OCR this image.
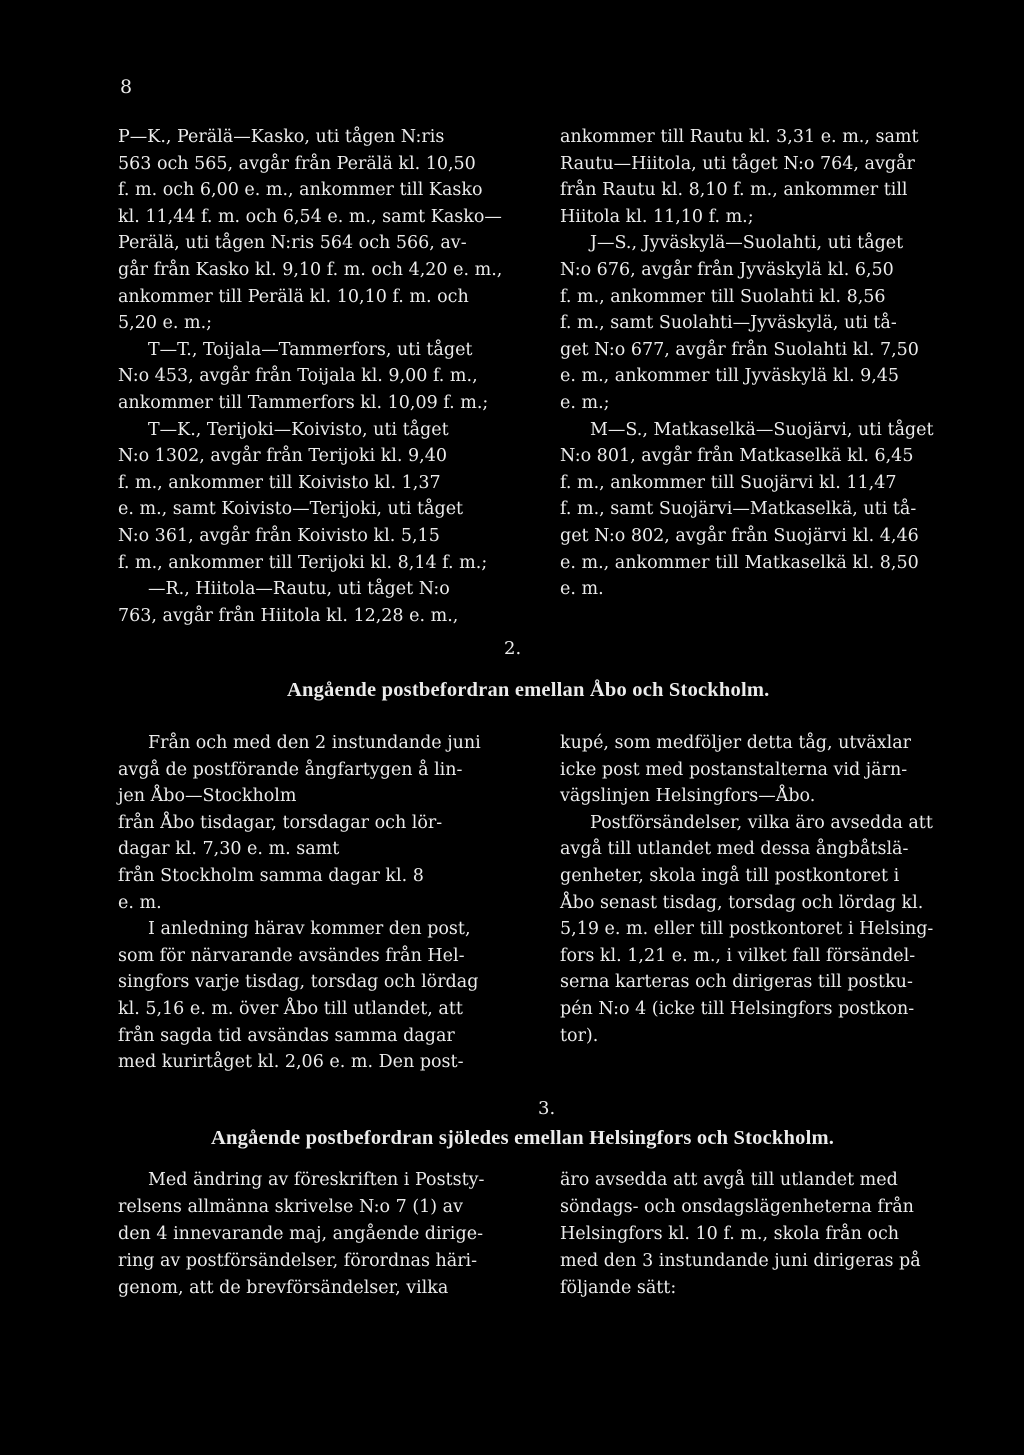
8
P—K., Perälä—Kasko, uti tågen N:ris
563 och 565, avgår från Perälä kl. 10,50
f. m. och 6,00 e. m., ankommer till Kasko
kl. 11,44 f. m. och 6,54 e. m., samt Kasko—
Perälä, uti tågen N:ris 564 och 566, av-
går från Kasko kl. 9,10 f. m. och 4,20 e. m.,
ankommer till Perälä kl. 10,10 f. m. och
5,20 e. m.;
T—T., Toijala—Tammerfors, uti tåget
N:o 453, avgår från Toijala kl. 9,00 f. m.,
ankommer till Tammerfors kl. 10,09 f. m.;
T—K., Terijoki—Koivisto, uti tåget
N:o 1302, avgår från Terijoki kl. 9,40
f. m., ankommer till Koivisto kl. 1,37
e. m., samt Koivisto—Terijoki, uti tåget
N:o 361, avgår från Koivisto kl. 5,15
f. m., ankommer till Terijoki kl. 8,14 f. m.;
—R., Hiitola—Rautu, uti tåget N:o
763, avgår från Hiitola kl. 12,28 e. m.,
ankommer till Rautu kl. 3,31 e. m., samt
Rautu—Hiitola, uti tåget N:o 764, avgår
från Rautu kl. 8,10 f. m., ankommer till
Hiitola kl. 11,10 f. m.;
J—S., Jyväskylä—Suolahti, uti tåget
N:o 676, avgår från Jyväskylä kl. 6,50
f. m., ankommer till Suolahti kl. 8,56
f. m., samt Suolahti—Jyväskylä, uti tå-
get N:o 677, avgår från Suolahti kl. 7,50
e. m., ankommer till Jyväskylä kl. 9,45
e. m.;
M—S., Matkaselkä—Suojärvi, uti tåget
N:o 801, avgår från Matkaselkä kl. 6,45
f. m., ankommer till Suojärvi kl. 11,47
f. m., samt Suojärvi—Matkaselkä, uti tå-
get N:o 802, avgår från Suojärvi kl. 4,46
e. m., ankommer till Matkaselkä kl. 8,50
e. m.
2.
Angående postbefordran emellan Åbo och Stockholm.
Från och med den 2 instundande juni
avgå de postförande ångfartygen å lin-
jen Åbo—Stockholm
från Åbo tisdagar, torsdagar och lör-
dagar kl. 7,30 e. m. samt
från Stockholm samma dagar kl. 8
e. m.
I anledning härav kommer den post,
som för närvarande avsändes från Hel-
singfors varje tisdag, torsdag och lördag
kl. 5,16 e. m. över Åbo till utlandet, att
från sagda tid avsändas samma dagar
med kurirtåget kl. 2,06 e. m. Den post-
kupé, som medföljer detta tåg, utväxlar
icke post med postanstalterna vid järn-
vägslinjen Helsingfors—Åbo.
Postförsändelser, vilka äro avsedda att
avgå till utlandet med dessa ångbåtslä-
genheter, skola ingå till postkontoret i
Åbo senast tisdag, torsdag och lördag kl.
5,19 e. m. eller till postkontoret i Helsing-
fors kl. 1,21 e. m., i vilket fall försändel-
serna karteras och dirigeras till postku-
pén N:o 4 (icke till Helsingfors postkon-
tor).
3.
Angående postbefordran sjöledes emellan Helsingfors och Stockholm.
Med ändring av föreskriften i Poststy-
relsens allmänna skrivelse N:o 7 (1) av
den 4 innevarande maj, angående dirige-
ring av postförsändelser, förordnas häri-
genom, att de brevförsändelser, vilka
äro avsedda att avgå till utlandet med
söndags- och onsdagslägenheterna från
Helsingfors kl. 10 f. m., skola från och
med den 3 instundande juni dirigeras på
följande sätt:
